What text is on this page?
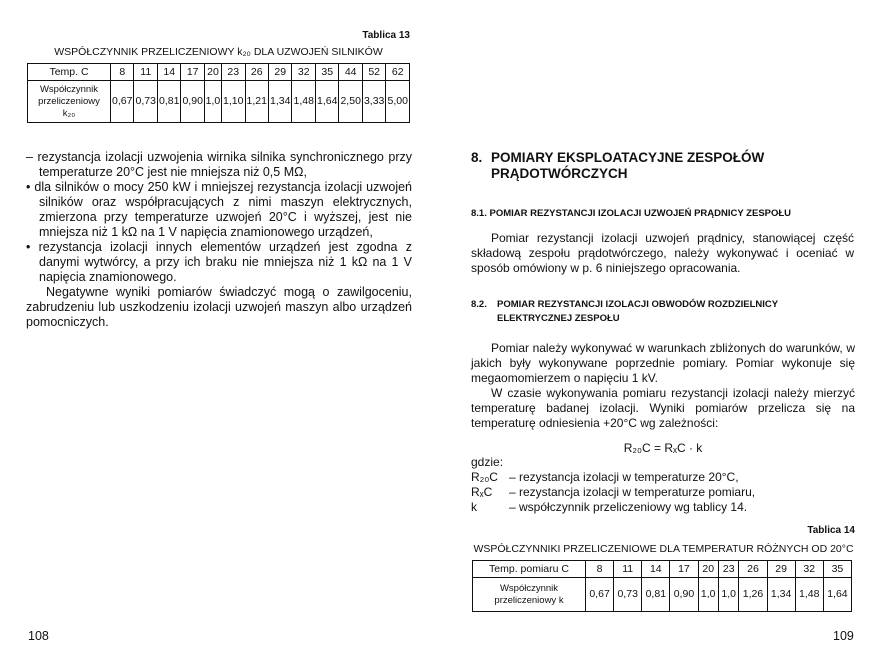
Tablica 13
WSPÓŁCZYNNIK PRZELICZENIOWY k₂₀ DLA UZWOJEŃ SILNIKÓW
Temp. C	8	11	14	17	20	23	26	29	32	35	44	52	62

Współczynnik
przeliczeniowy
k₂₀	0,67	0,73	0,81	0,90	1,0	1,10	1,21	1,34	1,48	1,64	2,50	3,33	5,00

– rezystancja izolacji uzwojenia wirnika silnika synchronicznego przy temperaturze 20°C jest nie mniejsza niż 0,5 MΩ,

• dla silników o mocy 250 kW i mniejszej rezystancja izolacji uzwojeń silników oraz współpracujących z nimi maszyn elektrycznych, zmierzona przy temperaturze uzwojeń 20°C i wyższej, jest nie mniejsza niż 1 kΩ na 1 V napięcia znamionowego urządzeń,

• rezystancja izolacji innych elementów urządzeń jest zgodna z danymi wytwórcy, a przy ich braku nie mniejsza niż 1 kΩ na 1 V napięcia znamionowego.

Negatywne wyniki pomiarów świadczyć mogą o zawilgoceniu, zabrudzeniu lub uszkodzeniu izolacji uzwojeń maszyn albo urządzeń pomocniczych.

108
8. POMIARY EKSPLOATACYJNE ZESPOŁÓW
PRĄDOTWÓRCZYCH
8.1. POMIAR REZYSTANCJI IZOLACJI UZWOJEŃ PRĄDNICY ZESPOŁU
Pomiar rezystancji izolacji uzwojeń prądnicy, stanowiącej część składową zespołu prądotwórczego, należy wykonywać i oceniać w sposób omówiony w p. 6 niniejszego opracowania.
8.2. POMIAR REZYSTANCJI IZOLACJI OBWODÓW ROZDZIELNICY
ELEKTRYCZNEJ ZESPOŁU

Pomiar należy wykonywać w warunkach zbliżonych do warunków, w jakich były wykonywane poprzednie pomiary. Pomiar wykonuje się megaomomierzem o napięciu 1 kV.

W czasie wykonywania pomiaru rezystancji izolacji należy mierzyć temperaturę badanej izolacji. Wyniki pomiarów przelicza się na temperaturę odniesienia +20°C wg zależności:

R₂₀C = RₓC · k
gdzie:
R₂₀C – rezystancja izolacji w temperaturze 20°C,
RₓC – rezystancja izolacji w temperaturze pomiaru,
k	– współczynnik przeliczeniowy wg tablicy 14.
Tablica 14
WSPÓŁCZYNNIKI PRZELICZENIOWE DLA TEMPERATUR RÓŻNYCH OD 20°C
Temp. pomiaru C	8	11	14	17	20	23	26	29	32	35

Współczynnik
przeliczeniowy k	0,67	0,73	0,81	0,90	1,0	1,0	1,26	1,34	1,48	1,64
109
